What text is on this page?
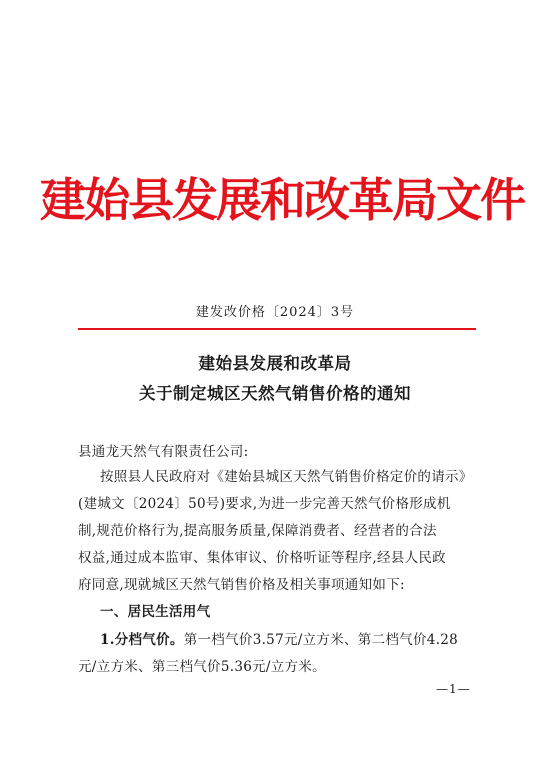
建始县发展和改革局文件
建发改价格〔2024〕3号
建始县发展和改革局
关于制定城区天然气销售价格的通知
县通龙天然气有限责任公司:
按照县人民政府对《建始县城区天然气销售价格定价的请示》
(建城文〔2024〕50号)要求,为进一步完善天然气价格形成机
制,规范价格行为,提高服务质量,保障消费者、经营者的合法
权益,通过成本监审、集体审议、价格听证等程序,经县人民政
府同意,现就城区天然气销售价格及相关事项通知如下:
一、居民生活用气
1.分档气价。第一档气价3.57元/立方米、第二档气价4.28
元/立方米、第三档气价5.36元/立方米。
—1—
